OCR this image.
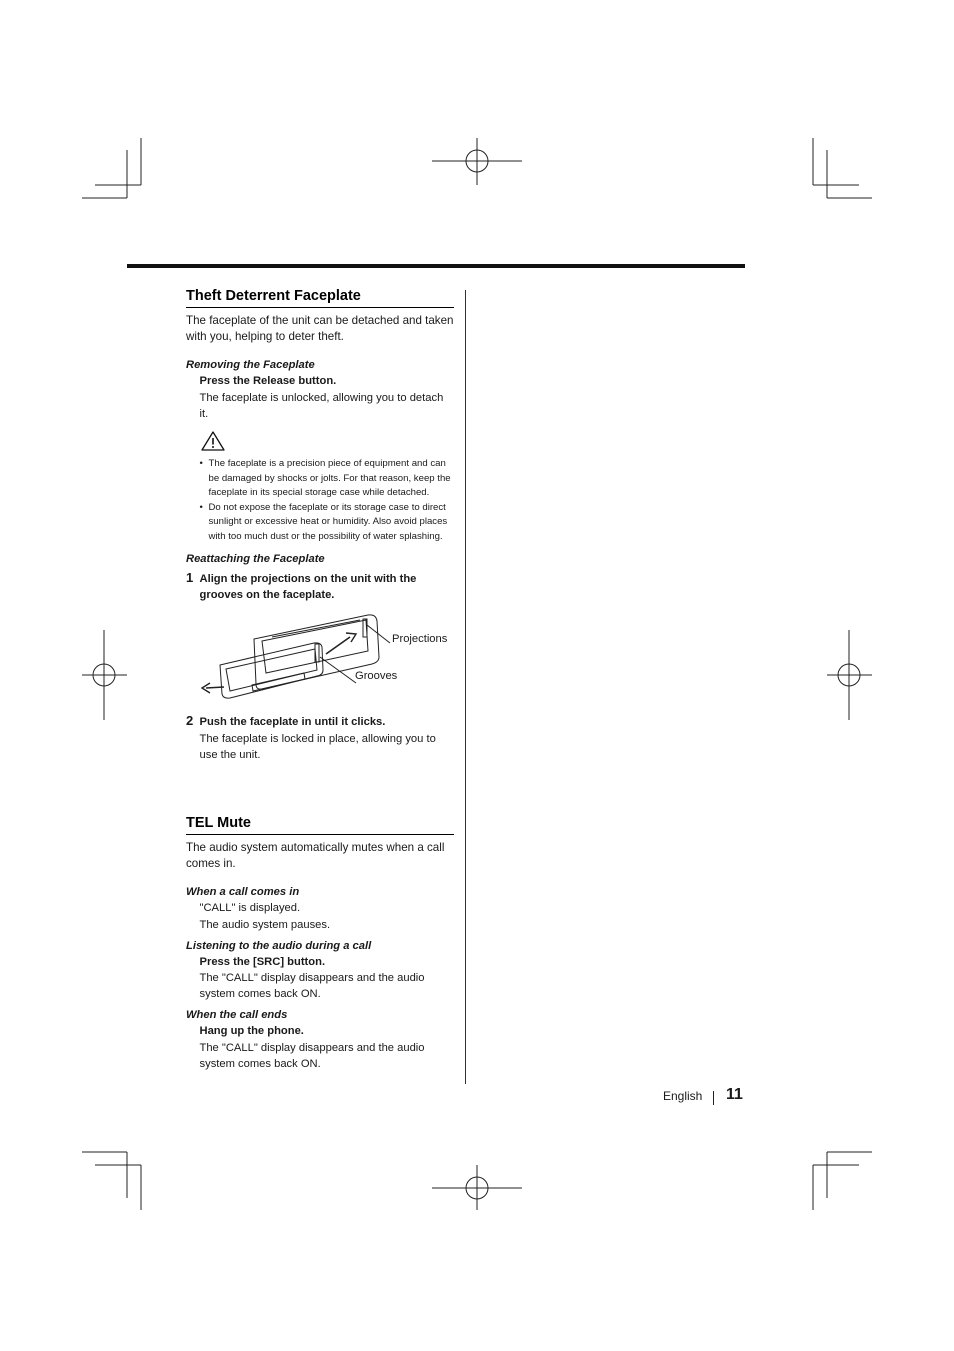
Theft Deterrent Faceplate
The faceplate of the unit can be detached and taken with you, helping to deter theft.
Removing the Faceplate
Press the Release button.
The faceplate is unlocked, allowing you to detach it.
• The faceplate is a precision piece of equipment and can be damaged by shocks or jolts. For that reason, keep the faceplate in its special storage case while detached.
• Do not expose the faceplate or its storage case to direct sunlight or excessive heat or humidity. Also avoid places with too much dust or the possibility of water splashing.
Reattaching the Faceplate
1 Align the projections on the unit with the grooves on the faceplate.
Projections
Grooves
2 Push the faceplate in until it clicks.
The faceplate is locked in place, allowing you to use the unit.
TEL Mute
The audio system automatically mutes when a call comes in.
When a call comes in
"CALL" is displayed.
The audio system pauses.
Listening to the audio during a call
Press the [SRC] button.
The "CALL" display disappears and the audio system comes back ON.
When the call ends
Hang up the phone.
The "CALL" display disappears and the audio system comes back ON.
English 11
